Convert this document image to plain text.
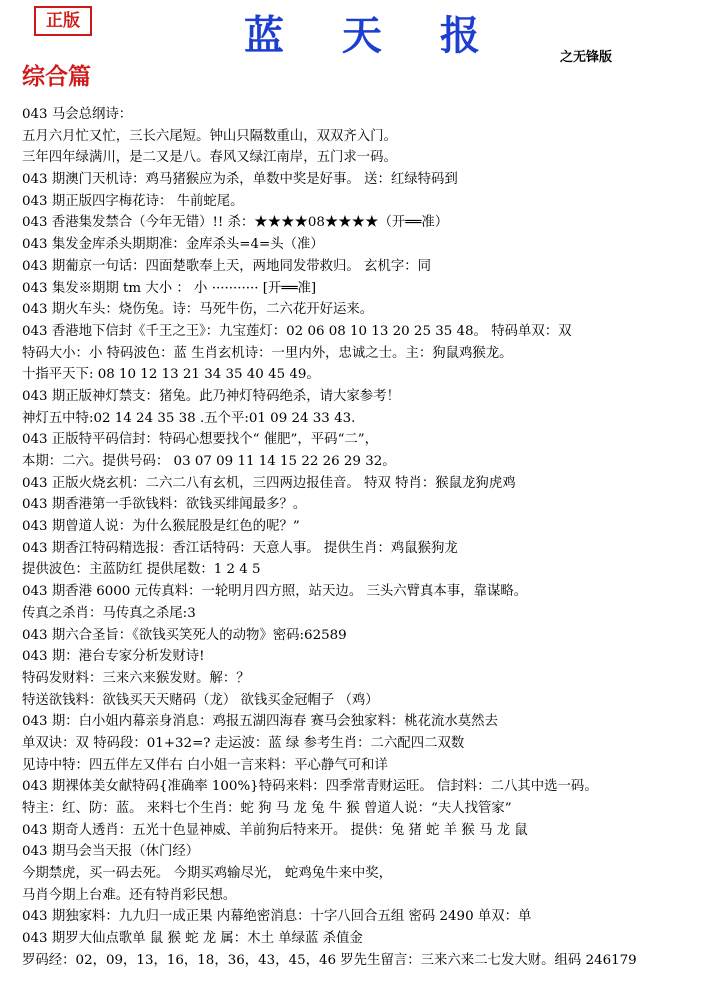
正版	蓝 天 报	之无锋版
综合篇
043 马会总纲诗：
五月六月忙又忙，三长六尾短。钟山只隔数重山，双双齐入门。
三年四年绿满川，是二又是八。春风又绿江南岸，五门求一码。
043 期澳门天机诗：鸡马猪猴应为杀，单数中奖是好事。 送：红绿特码到
043 期正版四字梅花诗： 牛前蛇尾。
043 香港集发禁合（今年无错）!! 杀：★★★★08★★★★（开══准）
043 集发金库杀头期期准：金库杀头=4=头（准）
043 期葡京一句话：四面楚歌奉上天，两地同发带救归。 玄机字：同
043 集发※期期 tm 大小 ： 小 ··········· [开══准]
043 期火车头：烧伤兔。诗：马死牛伤，二六花开好运来。
043 香港地下信封《千王之王》：九宝莲灯：02 06 08 10 13 20 25 35 48。 特码单双：双
特码大小：小 特码波色：蓝 生肖玄机诗：一里内外，忠诚之士。主：狗鼠鸡猴龙。
十指平天下: 08 10 12 13 21 34 35 40 45 49。
043 期正版神灯禁支：猪兔。此乃神灯特码绝杀，请大家参考！
神灯五中特:02 14 24 35 38 .五个平:01 09 24 33 43.
043 正版特平码信封：特码心想要找个“ 催肥”，平码“二”，
本期：二六。提供号码： 03 07 09 11 14 15 22 26 29 32。
043 正版火烧玄机：二六二八有玄机，三四两边报佳音。 特双 特肖：猴鼠龙狗虎鸡
043 期香港第一手欲钱料：欲钱买绯闻最多？。
043 期曾道人说：为什么猴屁股是红色的呢？”
043 期香江特码精选报：香江话特码：天意人事。 提供生肖：鸡鼠猴狗龙
提供波色：主蓝防红 提供尾数：1 2 4 5
043 期香港 6000 元传真料：一轮明月四方照，站天边。 三头六臂真本事，靠谋略。
传真之杀肖：马传真之杀尾:3
043 期六合圣旨：《欲钱买笑死人的动物》密码:62589
043 期：港台专家分析发财诗!
特码发财料：三来六来猴发财。解：？
特送欲钱料：欲钱买天天赌码（龙） 欲钱买金冠帽子 （鸡）
043 期：白小姐内幕亲身消息：鸡报五湖四海春 赛马会独家料：桃花流水莫然去
单双诀：双 特码段：01+32=? 走运波：蓝 绿 参考生肖：二六配四二双数
见诗中特：四五伴左又伴右 白小姐一言来料：平心静气可和详
043 期裸体美女献特码{准确率 100%}特码来料：四季常青财运旺。 信封料：二八其中选一码。
特主：红、防：蓝。 来料七个生肖：蛇 狗 马 龙 兔 牛 猴 曾道人说：“夫人找管家”
043 期奇人透肖：五光十色显神威、羊前狗后特来开。 提供：兔 猪 蛇 羊 猴 马 龙 鼠
043 期马会当天报（休门经）
今期禁虎，买一码去死。 今期买鸡输尽光， 蛇鸡兔牛来中奖，
马肖今期上台难。还有特肖彩民想。
043 期独家料：九九归一成正果 内幕绝密消息：十字八回合五组 密码 2490 单双：单
043 期罗大仙点歌单 鼠 猴 蛇 龙 属：木土 单绿蓝 杀值金
罗码经：02，09，13，16，18，36，43，45，46 罗先生留言：三来六来二七发大财。组码 246179
